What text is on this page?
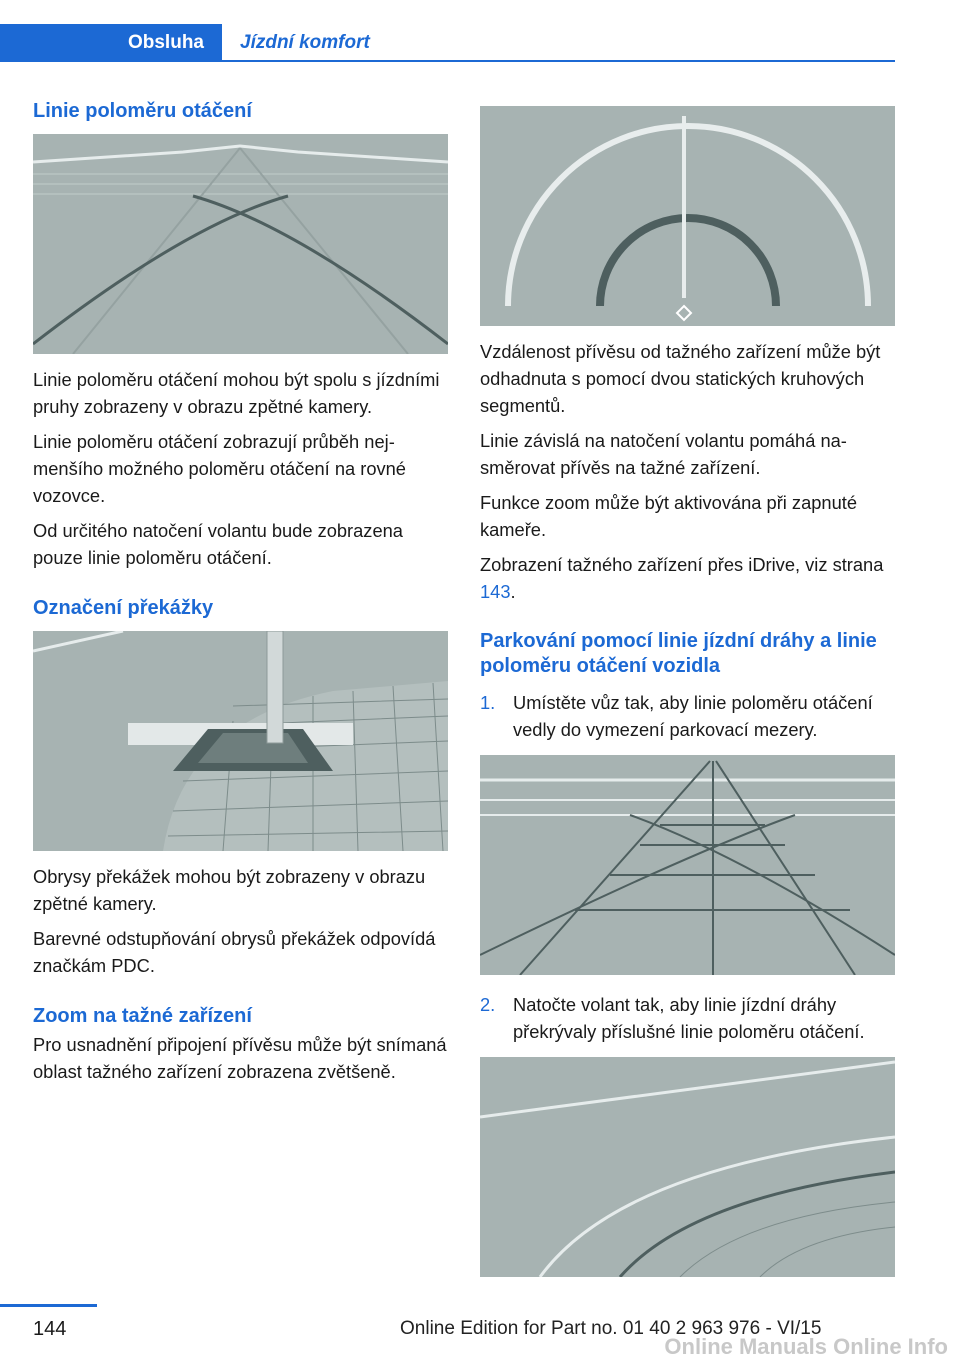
Obsluha Jízdní komfort
Linie poloměru otáčení

Linie poloměru otáčení mohou být spolu s jízdními pruhy zobrazeny v obrazu zpětné kamery.

Linie poloměru otáčení zobrazují průběh nejmenšího možného poloměru otáčení na rovné vozovce.

Od určitého natočení volantu bude zobrazena pouze linie poloměru otáčení.

Označení překážky

Obrysy překážek mohou být zobrazeny v obrazu zpětné kamery.

Barevné odstupňování obrysů překážek odpovídá značkám PDC.

Zoom na tažné zařízení

Pro usnadnění připojení přívěsu může být snímaná oblast tažného zařízení zobrazena zvětšeně.

Vzdálenost přívěsu od tažného zařízení může být odhadnuta s pomocí dvou statických kruhových segmentů.

Linie závislá na natočení volantu pomáhá nasměrovat přívěs na tažné zařízení.

Funkce zoom může být aktivována při zapnuté kameře.

Zobrazení tažného zařízení přes iDrive, viz strana 143.

Parkování pomocí linie jízdní dráhy a linie poloměru otáčení vozidla
1. Umístěte vůz tak, aby linie poloměru otáčení vedly do vymezení parkovací mezery.
2. Natočte volant tak, aby linie jízdní dráhy překrývaly příslušné linie poloměru otáčení.
144	Online Edition for Part no. 01 40 2 963 976 - VI/15
Online Manuals Online Info
